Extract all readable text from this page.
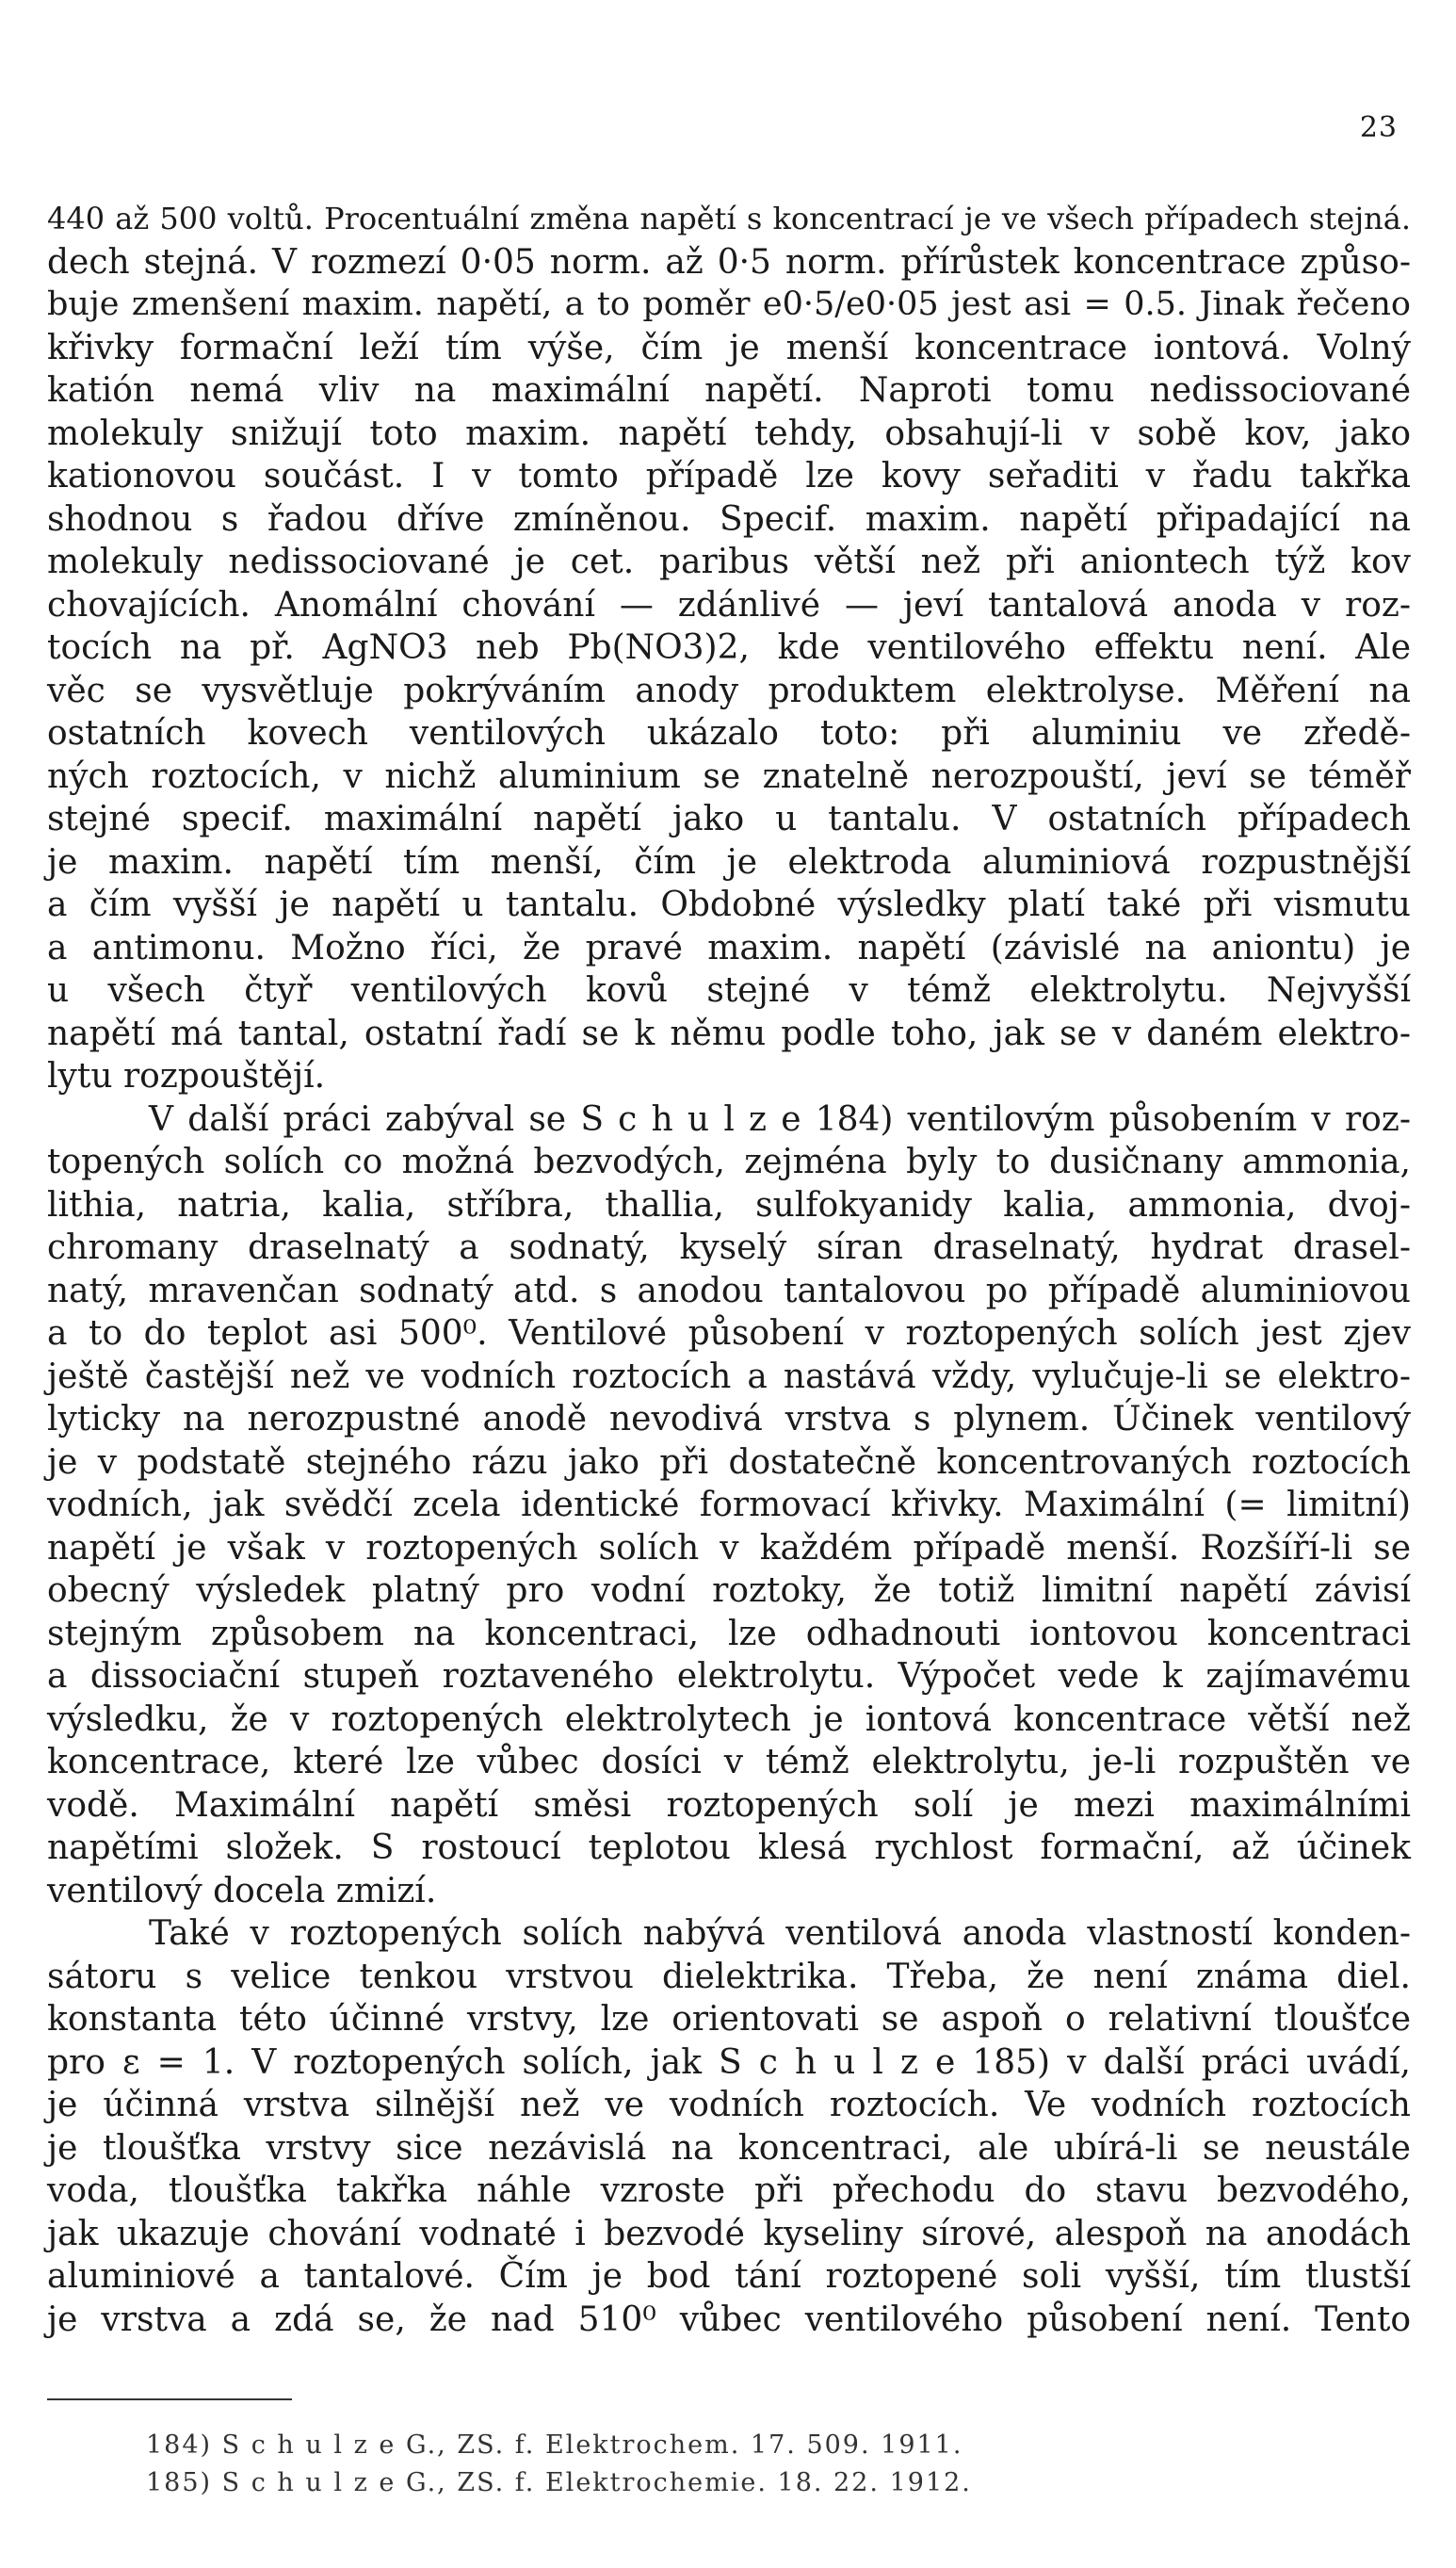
23
440 až 500 voltů. Procentuální změna napětí s koncentrací je ve všech případech stejná.
dech stejná. V rozmezí 0·05 norm. až 0·5 norm. přírůstek koncentrace způso-
buje zmenšení maxim. napětí, a to poměr e0·5/e0·05 jest asi = 0.5. Jinak řečeno
křivky formační leží tím výše, čím je menší koncentrace iontová. Volný
katión nemá vliv na maximální napětí. Naproti tomu nedissociované
molekuly snižují toto maxim. napětí tehdy, obsahují-li v sobě kov, jako
kationovou součást. I v tomto případě lze kovy seřaditi v řadu takřka
shodnou s řadou dříve zmíněnou. Specif. maxim. napětí připadající na
molekuly nedissociované je cet. paribus větší než při aniontech týž kov
chovajících. Anomální chování — zdánlivé — jeví tantalová anoda v roz-
tocích na př. AgNO3 neb Pb(NO3)2, kde ventilového effektu není. Ale
věc se vysvětluje pokrýváním anody produktem elektrolyse. Měření na
ostatních kovech ventilových ukázalo toto: při aluminiu ve zředě-
ných roztocích, v nichž aluminium se znatelně nerozpouští, jeví se téměř
stejné specif. maximální napětí jako u tantalu. V ostatních případech
je maxim. napětí tím menší, čím je elektroda aluminiová rozpustnější
a čím vyšší je napětí u tantalu. Obdobné výsledky platí také při vismutu
a antimonu. Možno říci, že pravé maxim. napětí (závislé na aniontu) je
u všech čtyř ventilových kovů stejné v témž elektrolytu. Nejvyšší
napětí má tantal, ostatní řadí se k němu podle toho, jak se v daném elektro-
lytu rozpouštějí.
V další práci zabýval se S c h u l z e 184) ventilovým působením v roz-
topených solích co možná bezvodých, zejména byly to dusičnany ammonia,
lithia, natria, kalia, stříbra, thallia, sulfokyanidy kalia, ammonia, dvoj-
chromany draselnatý a sodnatý, kyselý síran draselnatý, hydrat drasel-
natý, mravenčan sodnatý atd. s anodou tantalovou po případě aluminiovou
a to do teplot asi 500⁰. Ventilové působení v roztopených solích jest zjev
ještě častější než ve vodních roztocích a nastává vždy, vylučuje-li se elektro-
lyticky na nerozpustné anodě nevodivá vrstva s plynem. Účinek ventilový
je v podstatě stejného rázu jako při dostatečně koncentrovaných roztocích
vodních, jak svědčí zcela identické formovací křivky. Maximální (= limitní)
napětí je však v roztopených solích v každém případě menší. Rozšíří-li se
obecný výsledek platný pro vodní roztoky, že totiž limitní napětí závisí
stejným způsobem na koncentraci, lze odhadnouti iontovou koncentraci
a dissociační stupeň roztaveného elektrolytu. Výpočet vede k zajímavému
výsledku, že v roztopených elektrolytech je iontová koncentrace větší než
koncentrace, které lze vůbec dosíci v témž elektrolytu, je-li rozpuštěn ve
vodě. Maximální napětí směsi roztopených solí je mezi maximálními
napětími složek. S rostoucí teplotou klesá rychlost formační, až účinek
ventilový docela zmizí.
Také v roztopených solích nabývá ventilová anoda vlastností konden-
sátoru s velice tenkou vrstvou dielektrika. Třeba, že není známa diel.
konstanta této účinné vrstvy, lze orientovati se aspoň o relativní tloušťce
pro ε = 1. V roztopených solích, jak S c h u l z e 185) v další práci uvádí,
je účinná vrstva silnější než ve vodních roztocích. Ve vodních roztocích
je tloušťka vrstvy sice nezávislá na koncentraci, ale ubírá-li se neustále
voda, tloušťka takřka náhle vzroste při přechodu do stavu bezvodého,
jak ukazuje chování vodnaté i bezvodé kyseliny sírové, alespoň na anodách
aluminiové a tantalové. Čím je bod tání roztopené soli vyšší, tím tlustší
je vrstva a zdá se, že nad 510⁰ vůbec ventilového působení není. Tento
184) S c h u l z e G., ZS. f. Elektrochem. 17. 509. 1911.
185) S c h u l z e G., ZS. f. Elektrochemie. 18. 22. 1912.
